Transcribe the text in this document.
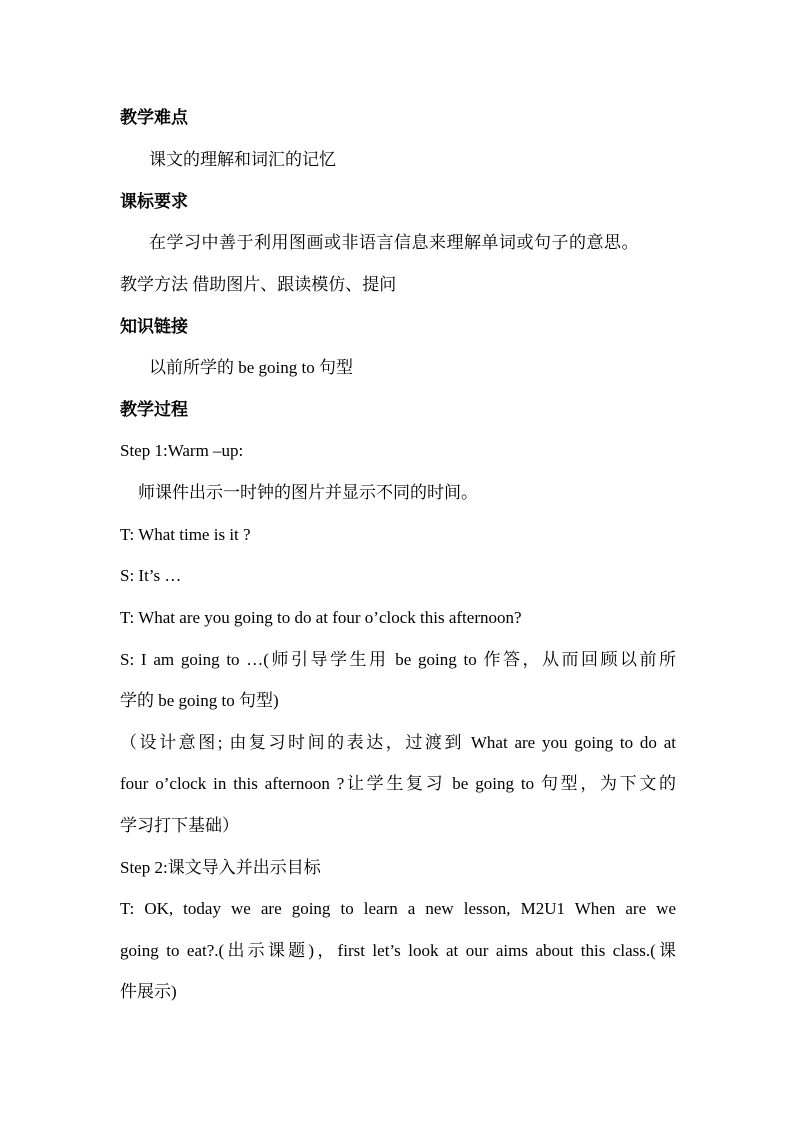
教学难点
课文的理解和词汇的记忆
课标要求
在学习中善于利用图画或非语言信息来理解单词或句子的意思。
教学方法 借助图片、跟读模仿、提问
知识链接
以前所学的 be going to 句型
教学过程
Step 1:Warm –up:
师课件出示一时钟的图片并显示不同的时间。
T: What time is it ?
S: It’s …
T: What are you going to do at four o’clock this afternoon?
S: I am going to …(师引导学生用 be going to 作答，从而回顾以前所
学的 be going to 句型)
（设计意图; 由复习时间的表达，过渡到 What are you going to do at
four o’clock in this afternoon ?让学生复习 be going to 句型，为下文的
学习打下基础）
Step 2:课文导入并出示目标
T: OK, today we are going to learn a new lesson, M2U1 When are we
going to eat?.(出示课题)，first let’s look at our aims about this class.(课
件展示)
